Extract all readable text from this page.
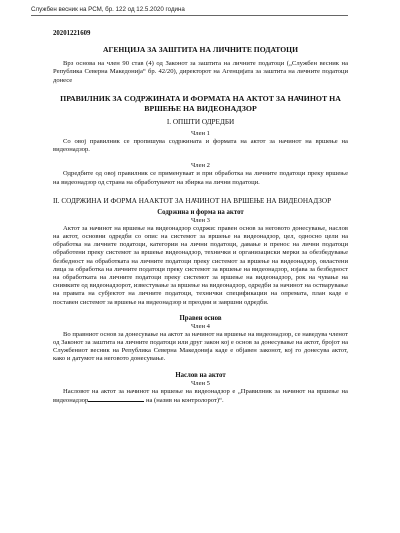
Службен весник на РСМ, бр. 122 од 12.5.2020 година
20201221609
АГЕНЦИЈА ЗА ЗАШТИТА НА ЛИЧНИТЕ ПОДАТОЦИ

Врз основа на член 90 став (4) од Законот за заштита на личните податоци („Службен весник на Република Северна Македонија“ бр. 42/20), директорот на Агенцијата за заштита на личните податоци донесе

ПРАВИЛНИК ЗА СОДРЖИНАТА И ФОРМАТА НА АКТОТ ЗА НАЧИНОТ НА ВРШЕЊЕ НА ВИДЕОНАДЗОР
I. ОПШТИ ОДРЕДБИ
Член 1

Со овој правилник се пропишува содржината и формата на актот за начинот на вршење на видеонадзор.

Член 2

Одредбите од овој правилник се применуваат и при обработка на личните податоци преку вршење на видеонадзор од страна на обработувачот на збирка на лични податоци.

II. СОДРЖИНА И ФОРМА НААКТОТ ЗА НАЧИНОТ НА ВРШЕЊЕ НА ВИДЕОНАДЗОР
Содржина и форма на актот
Член 3

Актот за начинот на вршење на видеонадзор содржи: правен основ за неговото донесување, наслов на актот, основни одредби со опис на системот за вршење на видеонадзор, цел, односно цели на обработка на личните податоци, категории на лични податоци, давање и пренос на лични податоци обработени преку системот за вршење видеонадзор, технички и организациски мерки за обезбедување безбедност на обработката на личните податоци преку системот за вршење на видеонадзор, овластени лица за обработка на личните податоци преку системот за вршење на видеонадзор, изјава за безбедност на обработката на личните податоци преку системот за вршење на видеонадзор, рок на чување на снимките од видеонадзорот, известување за вршење на видеонадзор, одредби за начинот на остварување на правата на субјектот на личните податоци, технички спецификации на опремата, план каде е поставен системот за вршење на видеонадзор и преодни и завршни одредби.

Правен основ
Член 4

Во правниот основ за донесување на актот за начинот на вршење на видеонадзор, се наведува членот од Законот за заштита на личните податоци или друг закон кој е основ за донесување на актот, бројот на Службениот весник на Република Северна Македонија каде е објавен законот, кој го донесува актот, како и датумот на неговото донесување.

Наслов на актот
Член 5

Насловот на актот за начинот на вршење на видеонадзор е „Правилник за начинот на вршење на видеонадзор	на (назив на контролорот)“.
